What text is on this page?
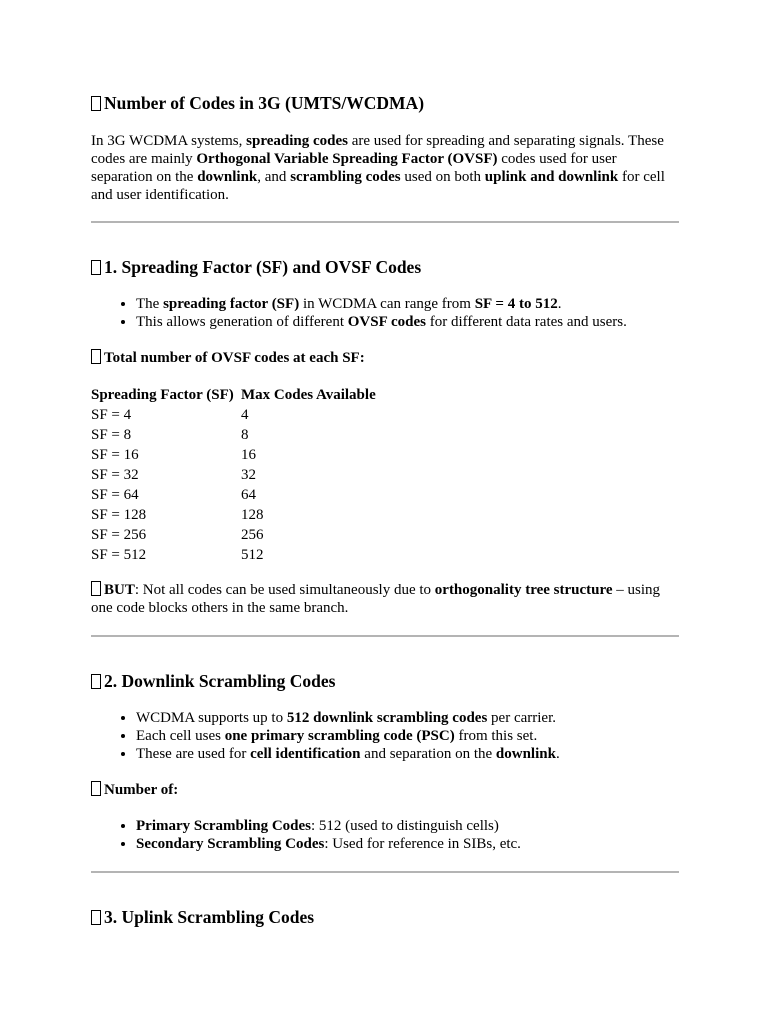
Number of Codes in 3G (UMTS/WCDMA)

In 3G WCDMA systems, spreading codes are used for spreading and separating signals. These codes are mainly Orthogonal Variable Spreading Factor (OVSF) codes used for user separation on the downlink, and scrambling codes used on both uplink and downlink for cell and user identification.

1. Spreading Factor (SF) and OVSF Codes
• The spreading factor (SF) in WCDMA can range from SF = 4 to 512.
• This allows generation of different OVSF codes for different data rates and users.
Total number of OVSF codes at each SF:
Spreading Factor (SF)	Max Codes Available
SF = 4	4
SF = 8	8
SF = 16	16
SF = 32	32
SF = 64	64
SF = 128	128
SF = 256	256
SF = 512	512

BUT: Not all codes can be used simultaneously due to orthogonality tree structure – using one code blocks others in the same branch.

2. Downlink Scrambling Codes
• WCDMA supports up to 512 downlink scrambling codes per carrier.
• Each cell uses one primary scrambling code (PSC) from this set.
• These are used for cell identification and separation on the downlink.
Number of:
• Primary Scrambling Codes: 512 (used to distinguish cells)
• Secondary Scrambling Codes: Used for reference in SIBs, etc.
3. Uplink Scrambling Codes
